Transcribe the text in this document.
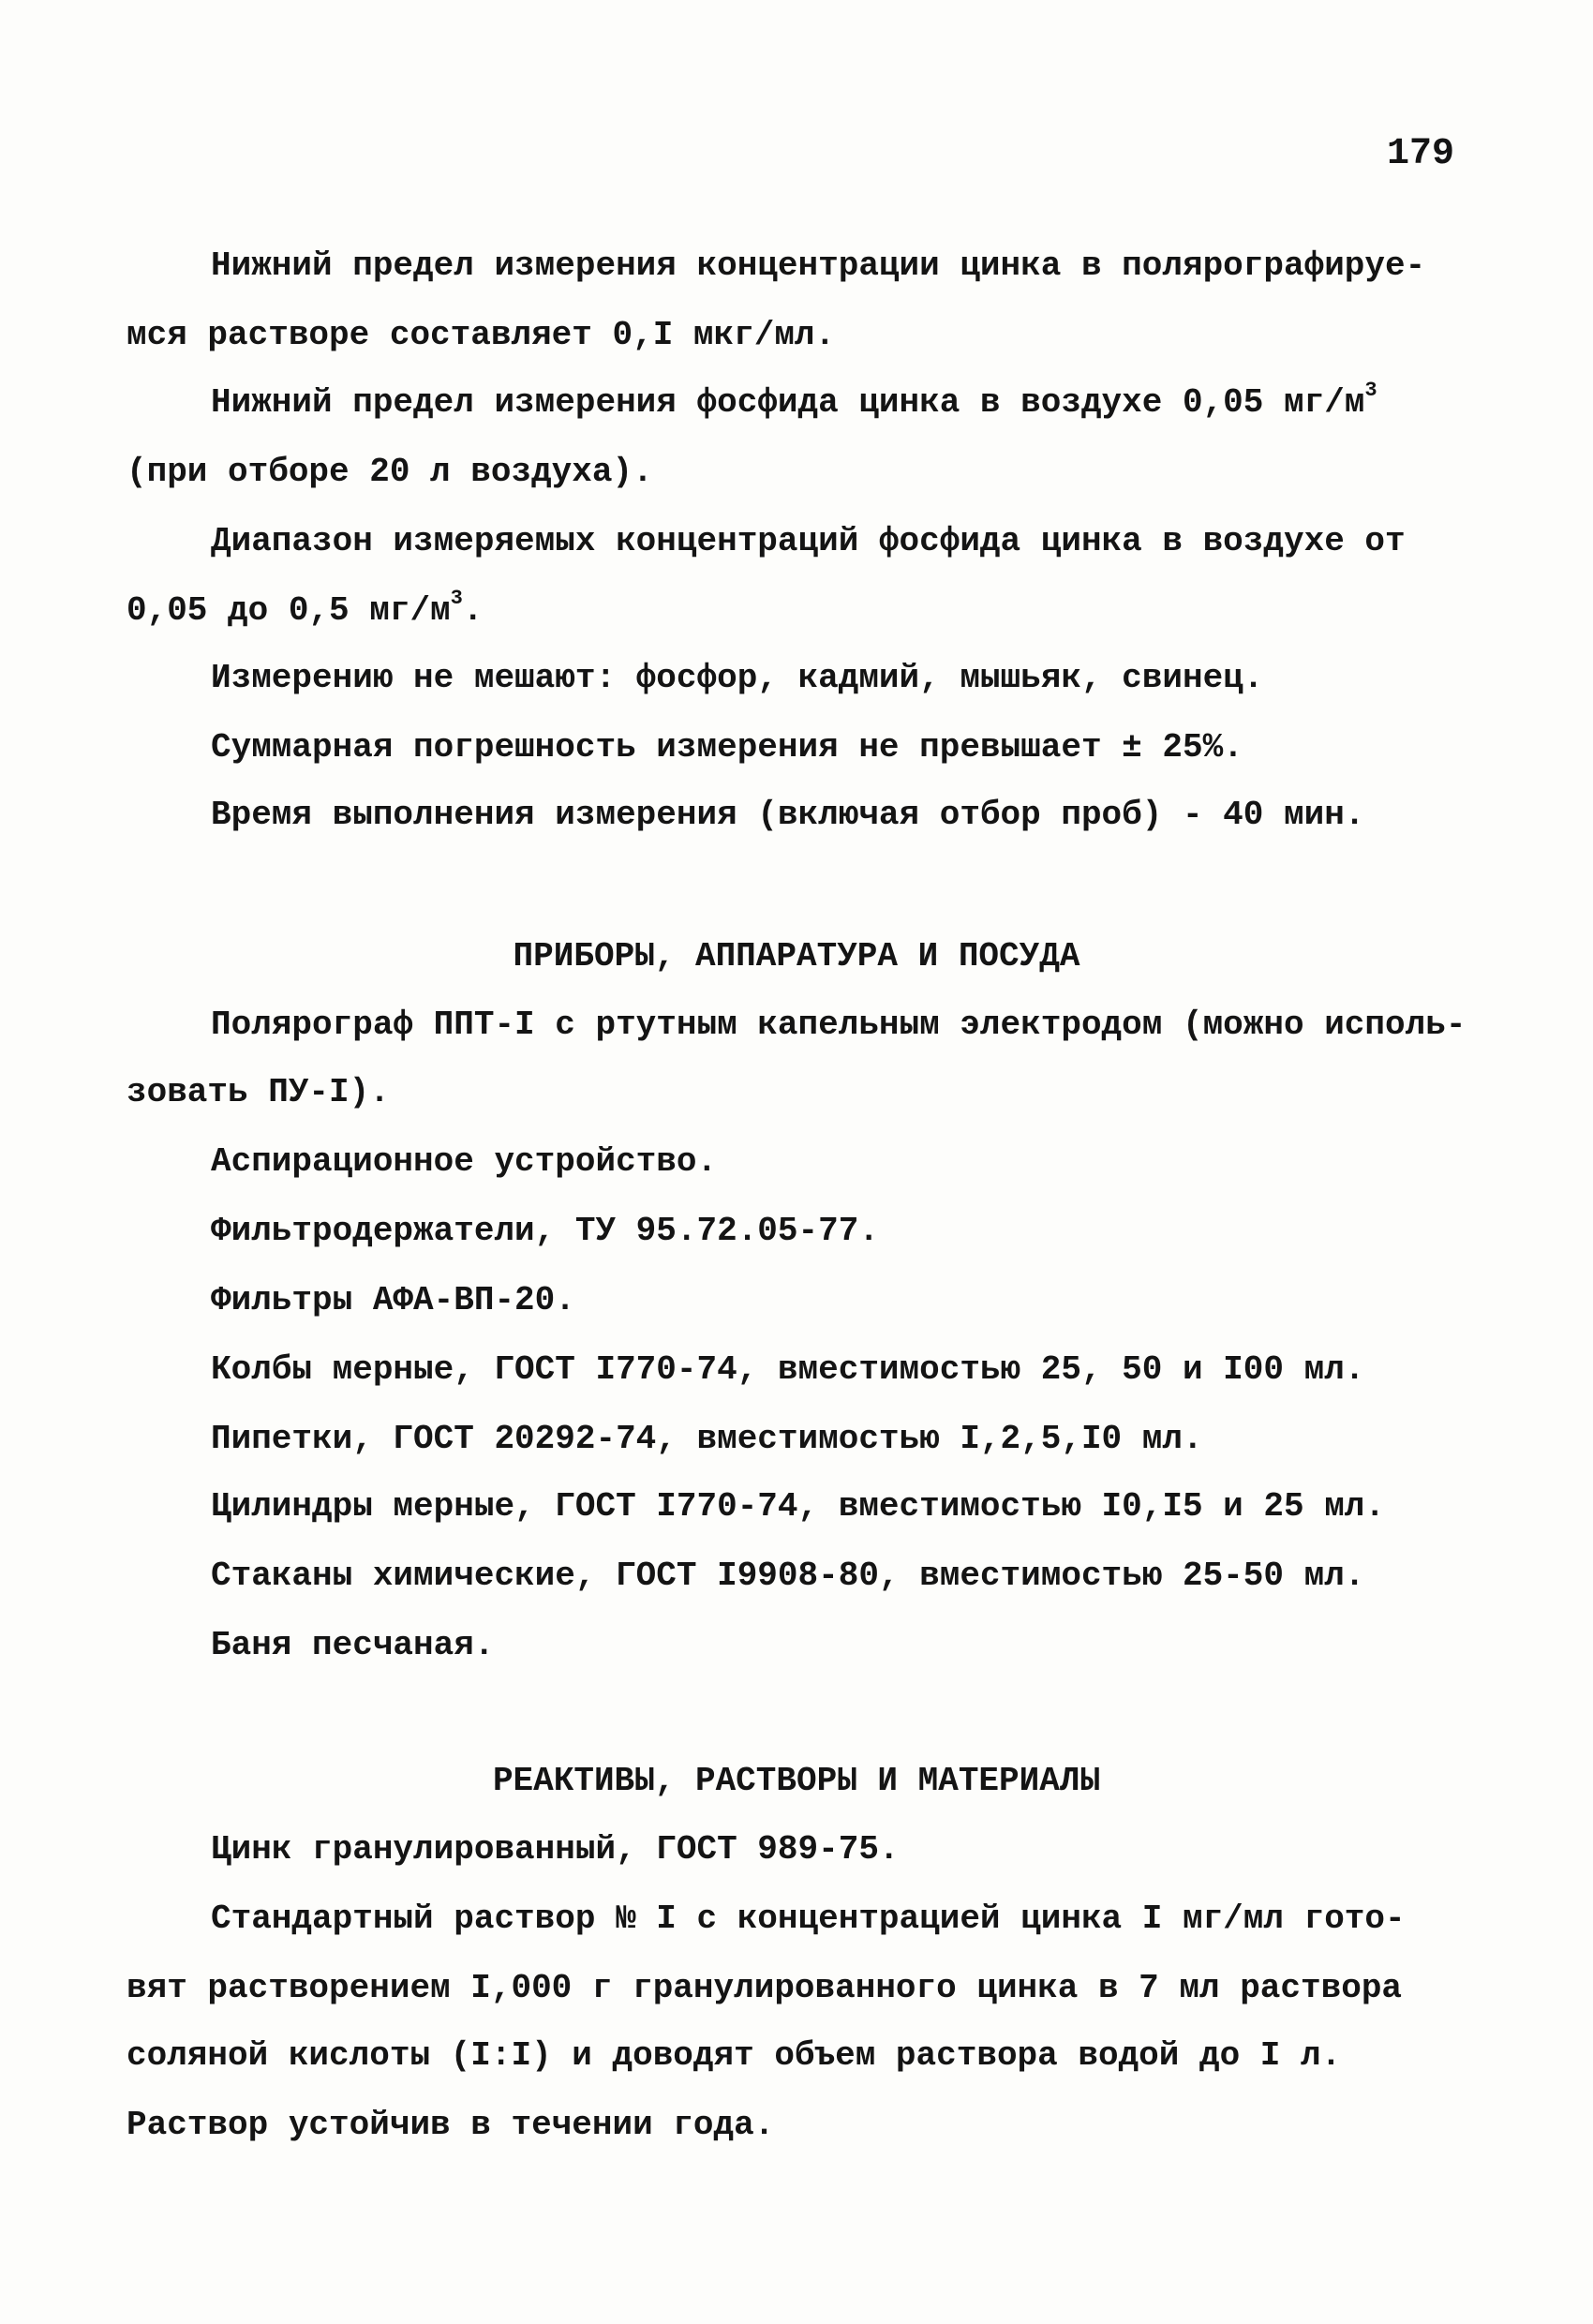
179
Нижний предел измерения концентрации цинка в полярографируе-
мся растворе составляет 0,I мкг/мл.
Нижний предел измерения фосфида цинка в воздухе 0,05 $мг/м^3$
(при отборе 20 л воздуха).
Диапазон измеряемых концентраций фосфида цинка в воздухе от
0,05 до 0,5 $мг/м^3$.
Измерению не мешают: фосфор, кадмий, мышьяк, свинец.
Суммарная погрешность измерения не превышает ± 25%.
Время выполнения измерения (включая отбор проб) - 40 мин.
ПРИБОРЫ, АППАРАТУРА И ПОСУДА
Полярограф ППТ-I с ртутным капельным электродом (можно исполь-
зовать ПУ-I).
Аспирационное устройство.
Фильтродержатели, ТУ 95.72.05-77.
Фильтры АФА-ВП-20.
Колбы мерные, ГОСТ I770-74, вместимостью 25, 50 и I00 мл.
Пипетки, ГОСТ 20292-74, вместимостью I,2,5,I0 мл.
Цилиндры мерные, ГОСТ I770-74, вместимостью I0,I5 и 25 мл.
Стаканы химические, ГОСТ I9908-80, вместимостью 25-50 мл.
Баня песчаная.
РЕАКТИВЫ, РАСТВОРЫ И МАТЕРИАЛЫ
Цинк гранулированный, ГОСТ 989-75.
Стандартный раствор № I с концентрацией цинка I мг/мл гото-
вят растворением I,000 г гранулированного цинка в 7 мл раствора
соляной кислоты (I:I) и доводят объем раствора водой до I л.
Раствор устойчив в течении года.
